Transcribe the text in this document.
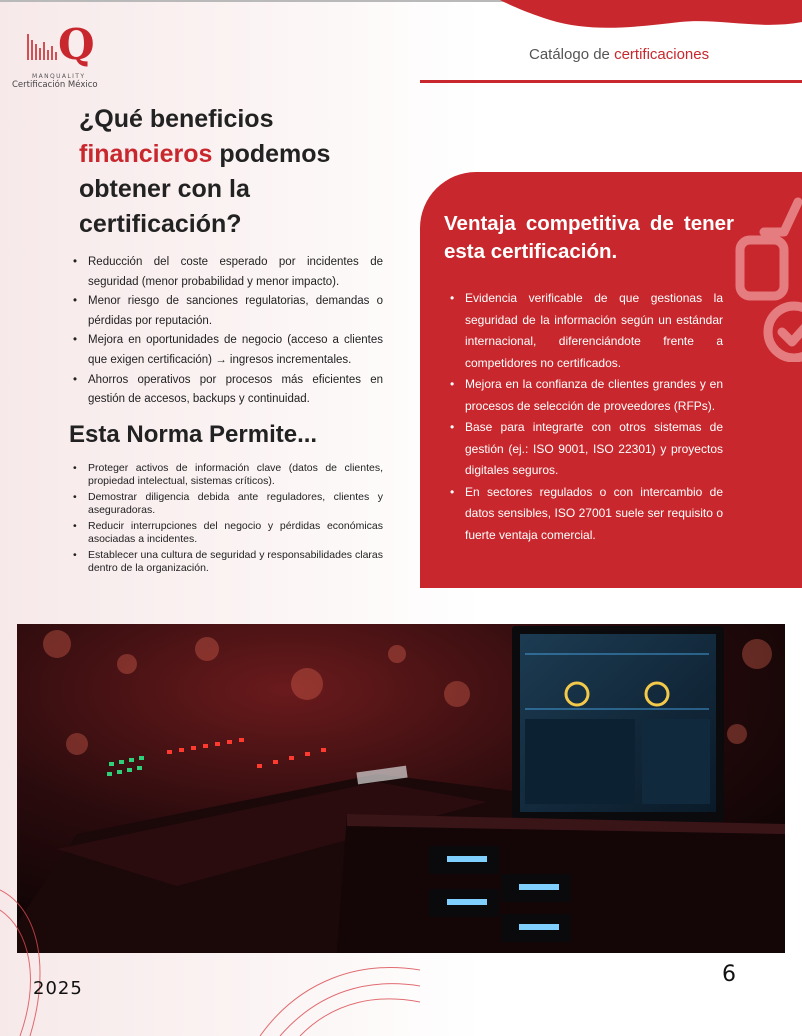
Q
MANQUALITY
Certificación México
Catálogo de certificaciones
¿Qué beneficios
financieros podemos obtener con la certificación?
• Reducción del coste esperado por incidentes de seguridad (menor probabilidad y menor impacto).
• Menor riesgo de sanciones regulatorias, demandas o pérdidas por reputación.
• Mejora en oportunidades de negocio (acceso a clientes que exigen certificación) → ingresos incrementales.
• Ahorros operativos por procesos más eficientes en gestión de accesos, backups y continuidad.
Esta Norma Permite...
• Proteger activos de información clave (datos de clientes, propiedad intelectual, sistemas críticos).
• Demostrar diligencia debida ante reguladores, clientes y aseguradoras.
• Reducir interrupciones del negocio y pérdidas económicas asociadas a incidentes.
• Establecer una cultura de seguridad y responsabilidades claras dentro de la organización.
Ventaja competitiva de tener esta certificación.
• Evidencia verificable de que gestionas la seguridad de la información según un estándar internacional, diferenciándote frente a competidores no certificados.
• Mejora en la confianza de clientes grandes y en procesos de selección de proveedores (RFPs).
• Base para integrarte con otros sistemas de gestión (ej.: ISO 9001, ISO 22301) y proyectos digitales seguros.
• En sectores regulados o con intercambio de datos sensibles, ISO 27001 suele ser requisito o fuerte ventaja comercial.
2025
6
